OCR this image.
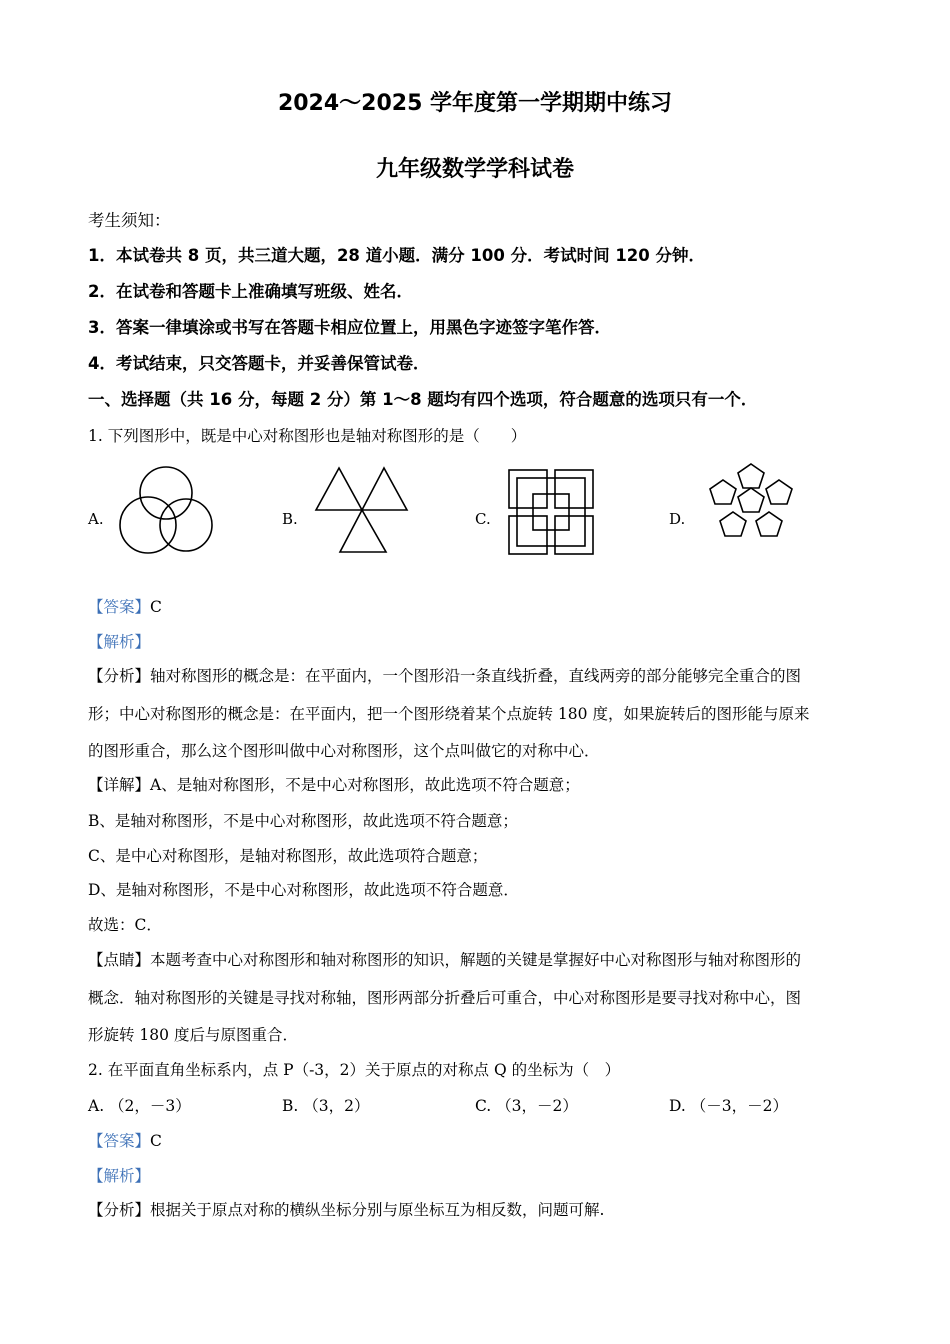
2024～2025 学年度第一学期期中练习
九年级数学学科试卷
考生须知：
1．本试卷共 8 页，共三道大题，28 道小题．满分 100 分．考试时间 120 分钟．
2．在试卷和答题卡上准确填写班级、姓名．
3．答案一律填涂或书写在答题卡相应位置上，用黑色字迹签字笔作答．
4．考试结束，只交答题卡，并妥善保管试卷．
一、选择题（共 16 分，每题 2 分）第 1～8 题均有四个选项，符合题意的选项只有一个．
1. 下列图形中，既是中心对称图形也是轴对称图形的是（　　）
A.	B.	C.	D.
【答案】C
【解析】
【分析】轴对称图形的概念是：在平面内，一个图形沿一条直线折叠，直线两旁的部分能够完全重合的图
形；中心对称图形的概念是：在平面内，把一个图形绕着某个点旋转 180 度，如果旋转后的图形能与原来
的图形重合，那么这个图形叫做中心对称图形，这个点叫做它的对称中心．
【详解】A、是轴对称图形，不是中心对称图形，故此选项不符合题意；
B、是轴对称图形，不是中心对称图形，故此选项不符合题意；
C、是中心对称图形，是轴对称图形，故此选项符合题意；
D、是轴对称图形，不是中心对称图形，故此选项不符合题意．
故选：C．
【点睛】本题考查中心对称图形和轴对称图形的知识，解题的关键是掌握好中心对称图形与轴对称图形的
概念．轴对称图形的关键是寻找对称轴，图形两部分折叠后可重合，中心对称图形是要寻找对称中心，图
形旋转 180 度后与原图重合．
2. 在平面直角坐标系内，点 P（-3，2）关于原点的对称点 Q 的坐标为（　）
A. （2，－3）	B. （3，2）	C. （3，－2）	D. （－3，－2）
【答案】C
【解析】
【分析】根据关于原点对称的横纵坐标分别与原坐标互为相反数，问题可解.
